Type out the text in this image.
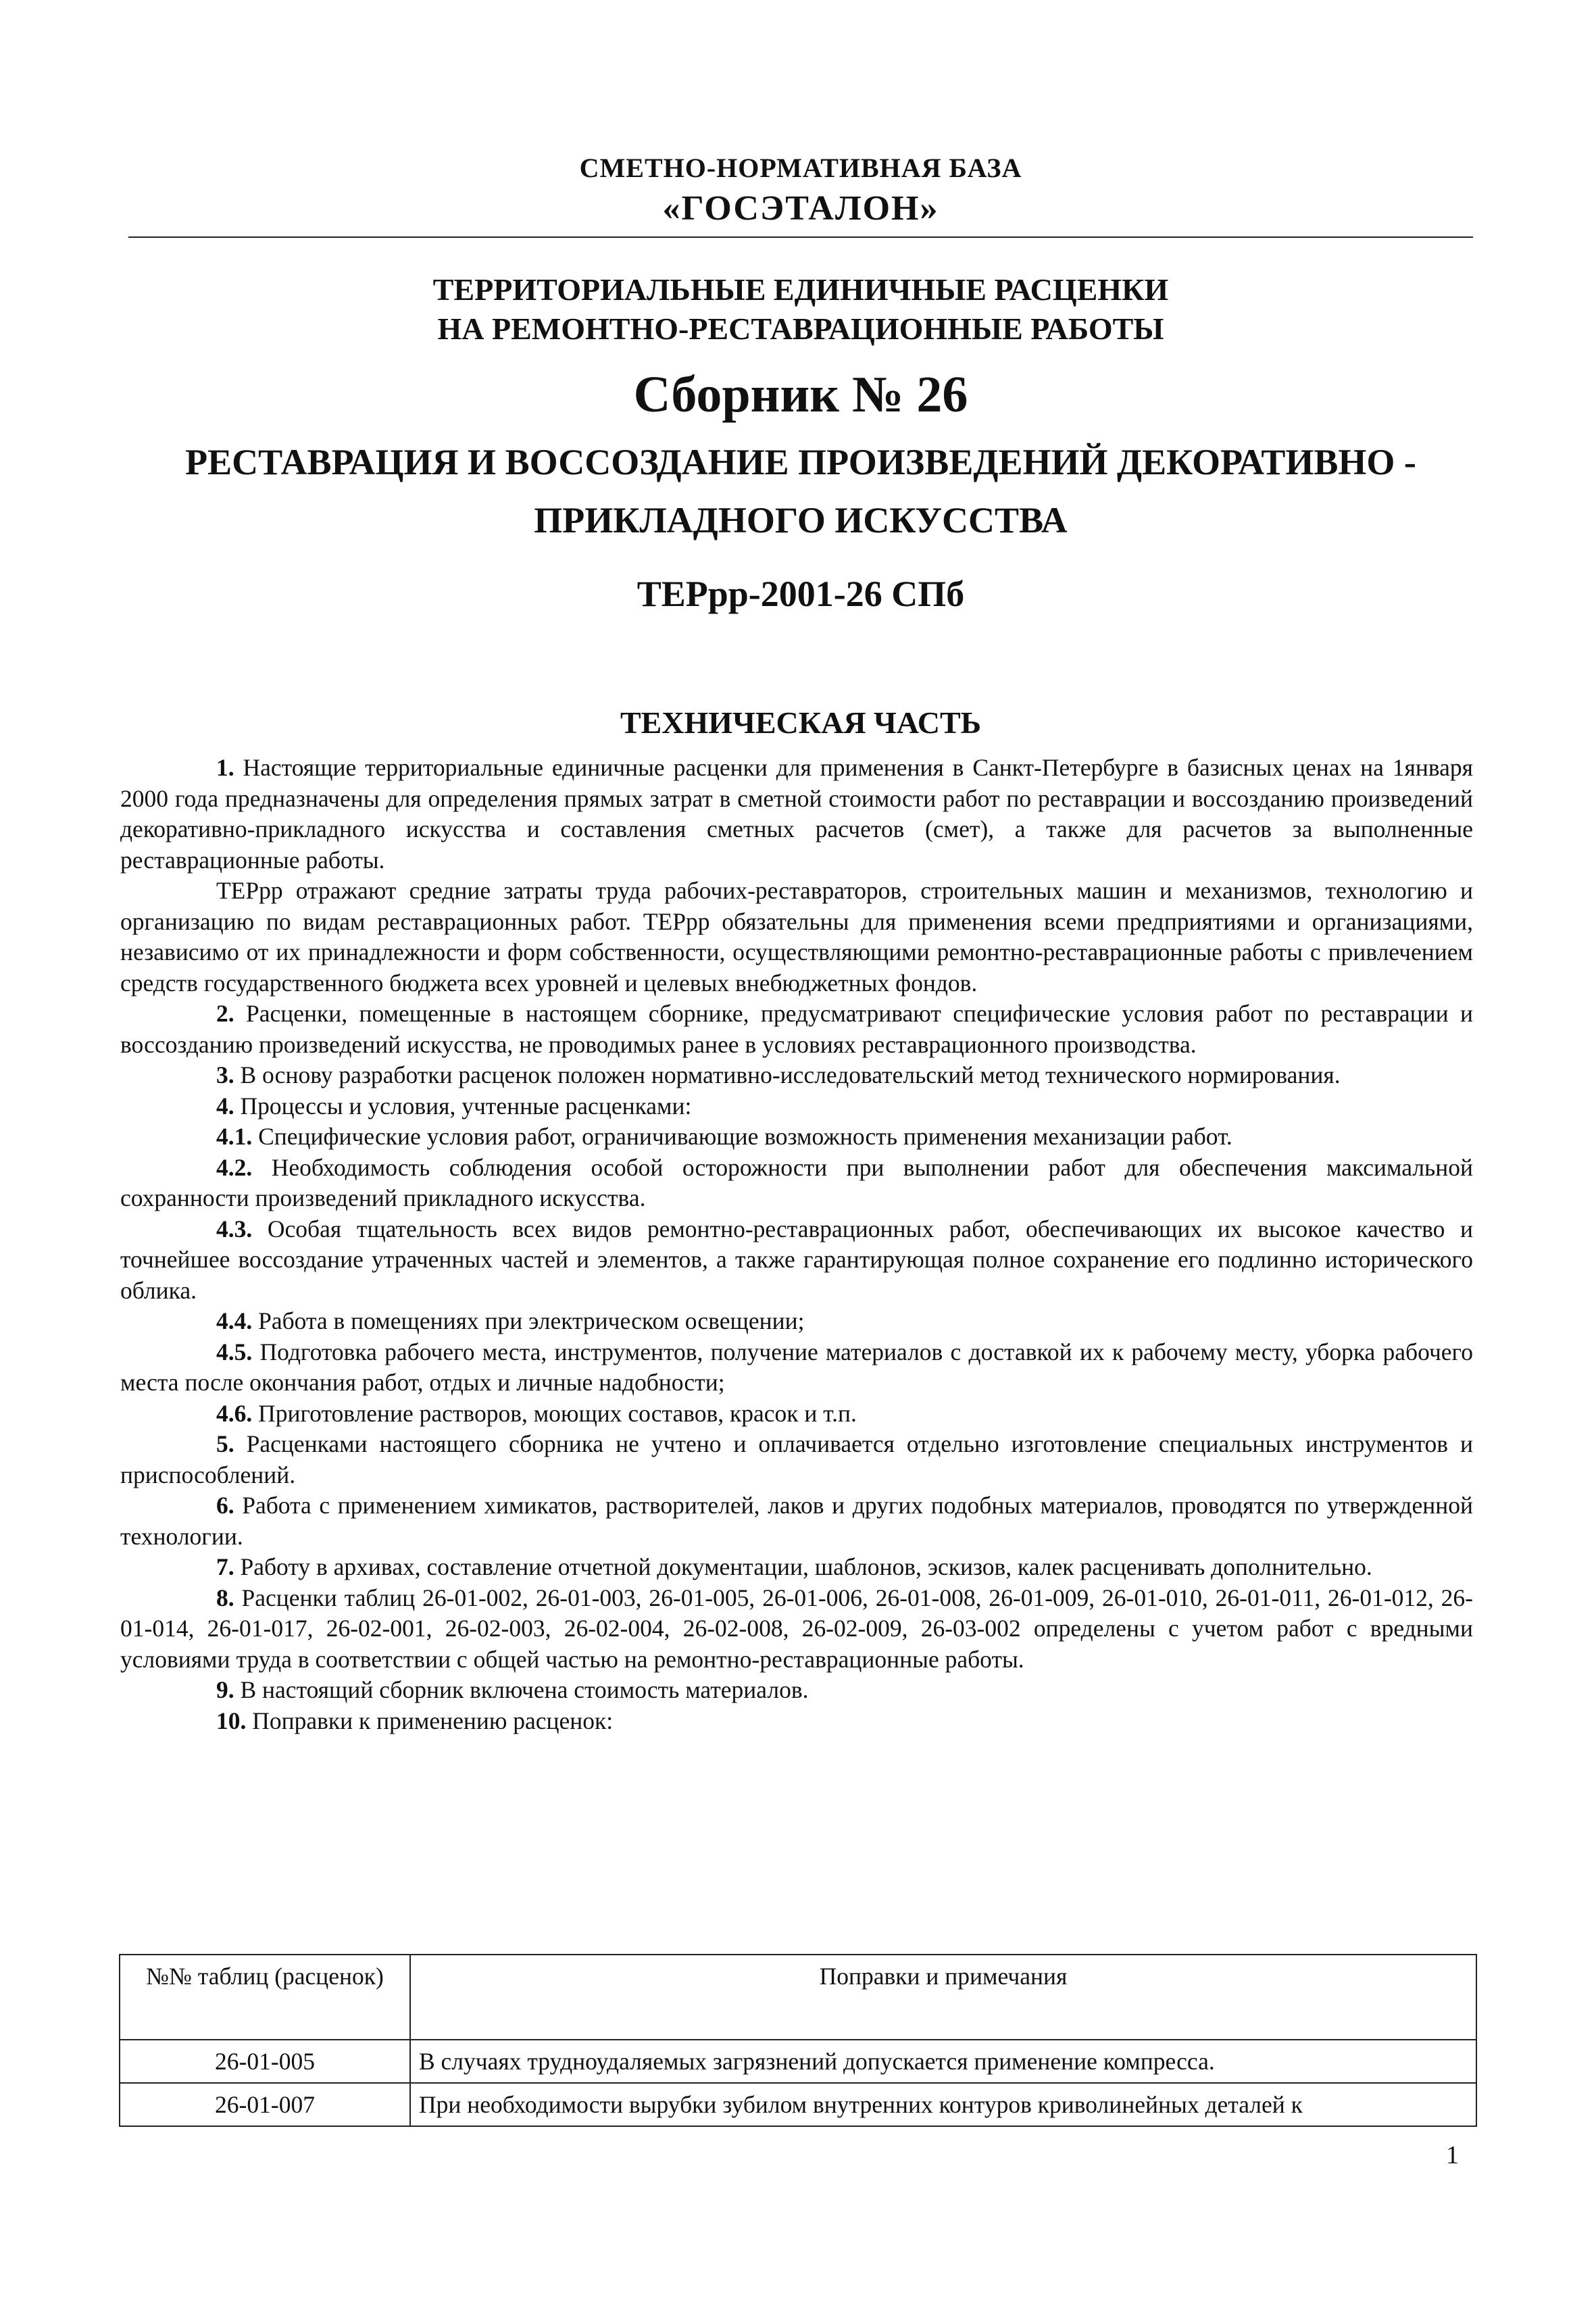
СМЕТНО-НОРМАТИВНАЯ БАЗА
«ГОСЭТАЛОН»
ТЕРРИТОРИАЛЬНЫЕ ЕДИНИЧНЫЕ РАСЦЕНКИ
НА РЕМОНТНО-РЕСТАВРАЦИОННЫЕ РАБОТЫ
Сборник № 26
РЕСТАВРАЦИЯ И ВОССОЗДАНИЕ ПРОИЗВЕДЕНИЙ ДЕКОРАТИВНО -
ПРИКЛАДНОГО ИСКУССТВА
ТЕРрр-2001-26 СПб
ТЕХНИЧЕСКАЯ ЧАСТЬ

1. Настоящие территориальные единичные расценки для применения в Санкт-Петербурге в базисных ценах на 1января 2000 года предназначены для определения прямых затрат в сметной стоимости работ по реставрации и воссозданию произведений декоративно-прикладного искусства и составления сметных расчетов (смет), а также для расчетов за выполненные реставрационные работы.

ТЕРрр отражают средние затраты труда рабочих-реставраторов, строительных машин и механизмов, технологию и организацию по видам реставрационных работ. ТЕРрр обязательны для применения всеми предприятиями и организациями, независимо от их принадлежности и форм собственности, осуществляющими ремонтно-реставрационные работы с привлечением средств государственного бюджета всех уровней и целевых внебюджетных фондов.

2. Расценки, помещенные в настоящем сборнике, предусматривают специфические условия работ по реставрации и воссозданию произведений искусства, не проводимых ранее в условиях реставрационного производства.

3. В основу разработки расценок положен нормативно-исследовательский метод технического нормирования.

4. Процессы и условия, учтенные расценками:

4.1. Специфические условия работ, ограничивающие возможность применения механизации работ.

4.2. Необходимость соблюдения особой осторожности при выполнении работ для обеспечения максимальной сохранности произведений прикладного искусства.

4.3. Особая тщательность всех видов ремонтно-реставрационных работ, обеспечивающих их высокое качество и точнейшее воссоздание утраченных частей и элементов, а также гарантирующая полное сохранение его подлинно исторического облика.

4.4. Работа в помещениях при электрическом освещении;

4.5. Подготовка рабочего места, инструментов, получение материалов с доставкой их к рабочему месту, уборка рабочего места после окончания работ, отдых и личные надобности;

4.6. Приготовление растворов, моющих составов, красок и т.п.

5. Расценками настоящего сборника не учтено и оплачивается отдельно изготовление специальных инструментов и приспособлений.

6. Работа с применением химикатов, растворителей, лаков и других подобных материалов, проводятся по утвержденной технологии.

7. Работу в архивах, составление отчетной документации, шаблонов, эскизов, калек расценивать дополнительно.

8. Расценки таблиц 26-01-002, 26-01-003, 26-01-005, 26-01-006, 26-01-008, 26-01-009, 26-01-010, 26-01-011, 26-01-012, 26-01-014, 26-01-017, 26-02-001, 26-02-003, 26-02-004, 26-02-008, 26-02-009, 26-03-002 определены с учетом работ с вредными условиями труда в соответствии с общей частью на ремонтно-реставрационные работы.

9. В настоящий сборник включена стоимость материалов.

10. Поправки к применению расценок:

№№ таблиц (расценок)	Поправки и примечания
26-01-005	В случаях трудноудаляемых загрязнений допускается применение компресса.
26-01-007	При необходимости вырубки зубилом внутренних контуров криволинейных деталей к
1
